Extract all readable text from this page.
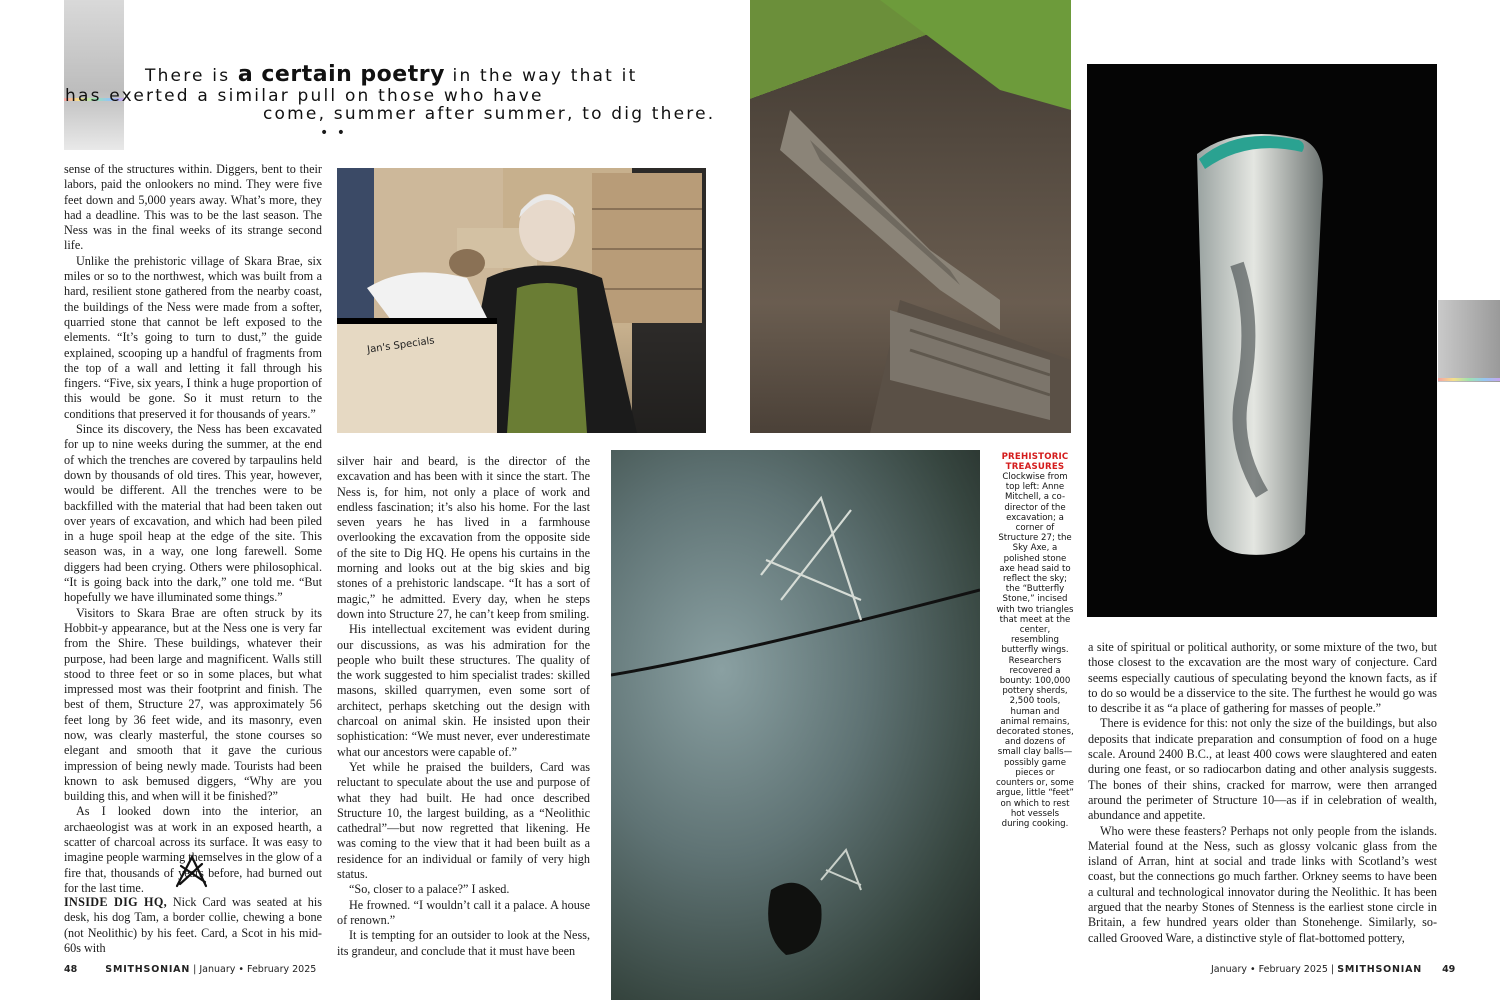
There is a certain poetry in the way that it
has exerted a similar pull on those who have
come, summer after summer, to dig there.
• •

sense of the structures within. Diggers, bent to their labors, paid the onlookers no mind. They were five feet down and 5,000 years away. What’s more, they had a deadline. This was to be the last season. The Ness was in the final weeks of its strange second life.

Unlike the prehistoric village of Skara Brae, six miles or so to the northwest, which was built from a hard, resilient stone gathered from the nearby coast, the buildings of the Ness were made from a softer, quarried stone that cannot be left exposed to the elements. “It’s going to turn to dust,” the guide explained, scooping up a handful of fragments from the top of a wall and letting it fall through his fingers. “Five, six years, I think a huge proportion of this would be gone. So it must return to the conditions that preserved it for thousands of years.”

Since its discovery, the Ness has been excavated for up to nine weeks during the summer, at the end of which the trenches are covered by tarpaulins held down by thousands of old tires. This year, however, would be different. All the trenches were to be backfilled with the material that had been taken out over years of excavation, and which had been piled in a huge spoil heap at the edge of the site. This season was, in a way, one long farewell. Some diggers had been crying. Others were philosophical. “It is going back into the dark,” one told me. “But hopefully we have illuminated some things.”

Visitors to Skara Brae are often struck by its Hobbit-y appearance, but at the Ness one is very far from the Shire. These buildings, whatever their purpose, had been large and magnificent. Walls still stood to three feet or so in some places, but what impressed most was their footprint and finish. The best of them, Structure 27, was approximately 56 feet long by 36 feet wide, and its masonry, even now, was clearly masterful, the stone courses so elegant and smooth that it gave the curious impression of being newly made. Tourists had been known to ask bemused diggers, “Why are you building this, and when will it be finished?”

As I looked down into the interior, an archaeologist was at work in an exposed hearth, a scatter of charcoal across its surface. It was easy to imagine people warming themselves in the glow of a fire that, thousands of years before, had burned out for the last time.

INSIDE DIG HQ, Nick Card was seated at his desk, his dog Tam, a border collie, chewing a bone (not Neolithic) by his feet. Card, a Scot in his mid-60s with

Jan's Specials

silver hair and beard, is the director of the excavation and has been with it since the start. The Ness is, for him, not only a place of work and endless fascination; it’s also his home. For the last seven years he has lived in a farmhouse overlooking the excavation from the opposite side of the site to Dig HQ. He opens his curtains in the morning and looks out at the big skies and big stones of a prehistoric landscape. “It has a sort of magic,” he admitted. Every day, when he steps down into Structure 27, he can’t keep from smiling.

His intellectual excitement was evident during our discussions, as was his admiration for the people who built these structures. The quality of the work suggested to him specialist trades: skilled masons, skilled quarrymen, even some sort of architect, perhaps sketching out the design with charcoal on animal skin. He insisted upon their sophistication: “We must never, ever underestimate what our ancestors were capable of.”

Yet while he praised the builders, Card was reluctant to speculate about the use and purpose of what they had built. He had once described Structure 10, the largest building, as a “Neolithic cathedral”—but now regretted that likening. He was coming to the view that it had been built as a residence for an individual or family of very high status.

“So, closer to a palace?” I asked.

He frowned. “I wouldn’t call it a palace. A house of renown.”

It is tempting for an outsider to look at the Ness, its grandeur, and conclude that it must have been

PREHISTORIC
TREASURES
Clockwise from top left: Anne Mitchell, a co-director of the excavation; a corner of Structure 27; the Sky Axe, a polished stone axe head said to reflect the sky; the “Butterfly Stone,” incised with two triangles that meet at the center, resembling butterfly wings. Researchers recovered a bounty: 100,000 pottery sherds, 2,500 tools, human and animal remains, decorated stones, and dozens of small clay balls—possibly game pieces or counters or, some argue, little “feet” on which to rest hot vessels during cooking.

a site of spiritual or political authority, or some mixture of the two, but those closest to the excavation are the most wary of conjecture. Card seems especially cautious of speculating beyond the known facts, as if to do so would be a disservice to the site. The furthest he would go was to describe it as “a place of gathering for masses of people.”

There is evidence for this: not only the size of the buildings, but also deposits that indicate preparation and consumption of food on a huge scale. Around 2400 B.C., at least 400 cows were slaughtered and eaten during one feast, or so radiocarbon dating and other analysis suggests. The bones of their shins, cracked for marrow, were then arranged around the perimeter of Structure 10—as if in celebration of wealth, abundance and appetite.

Who were these feasters? Perhaps not only people from the islands. Material found at the Ness, such as glossy volcanic glass from the island of Arran, hint at social and trade links with Scotland’s west coast, but the connections go much farther. Orkney seems to have been a cultural and technological innovator during the Neolithic. It has been argued that the nearby Stones of Stenness is the earliest stone circle in Britain, a few hundred years older than Stonehenge. Similarly, so-called Grooved Ware, a distinctive style of flat-bottomed pottery,

48	SMITHSONIAN | January • February 2025	January • February 2025 | SMITHSONIAN 49
